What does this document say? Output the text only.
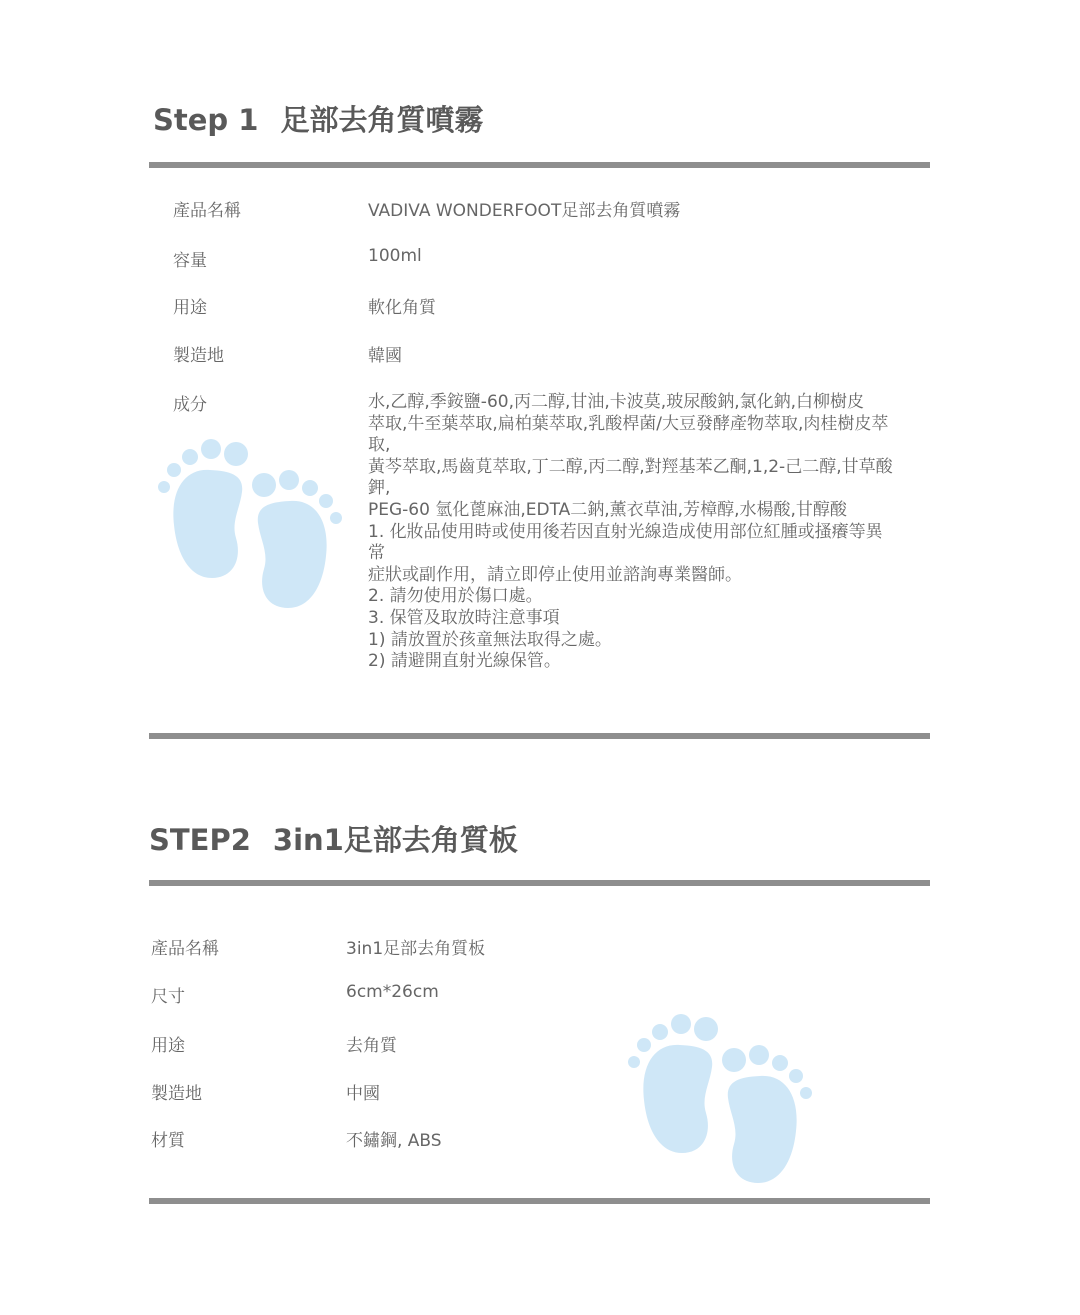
Step 1 足部去角質噴霧
產品名稱	VADIVA WONDERFOOT足部去角質噴霧
容量	100ml
用途	軟化角質
製造地	韓國
成分	水,乙醇,季銨鹽-60,丙二醇,甘油,卡波莫,玻尿酸鈉,氯化鈉,白柳樹皮
萃取,牛至葉萃取,扁柏葉萃取,乳酸桿菌/大豆發酵產物萃取,肉桂樹皮萃
取,
黃芩萃取,馬齒莧萃取,丁二醇,丙二醇,對羥基苯乙酮,1,2-己二醇,甘草酸
鉀,
PEG-60 氫化蓖麻油,EDTA二鈉,薰衣草油,芳樟醇,水楊酸,甘醇酸
1. 化妝品使用時或使用後若因直射光線造成使用部位紅腫或搔癢等異
常
症狀或副作用，請立即停止使用並諮詢專業醫師。
2. 請勿使用於傷口處。
3. 保管及取放時注意事項
1) 請放置於孩童無法取得之處。
2) 請避開直射光線保管。
STEP2 3in1足部去角質板
產品名稱	3in1足部去角質板
尺寸	6cm*26cm
用途	去角質
製造地	中國
材質	不鏽鋼, ABS
